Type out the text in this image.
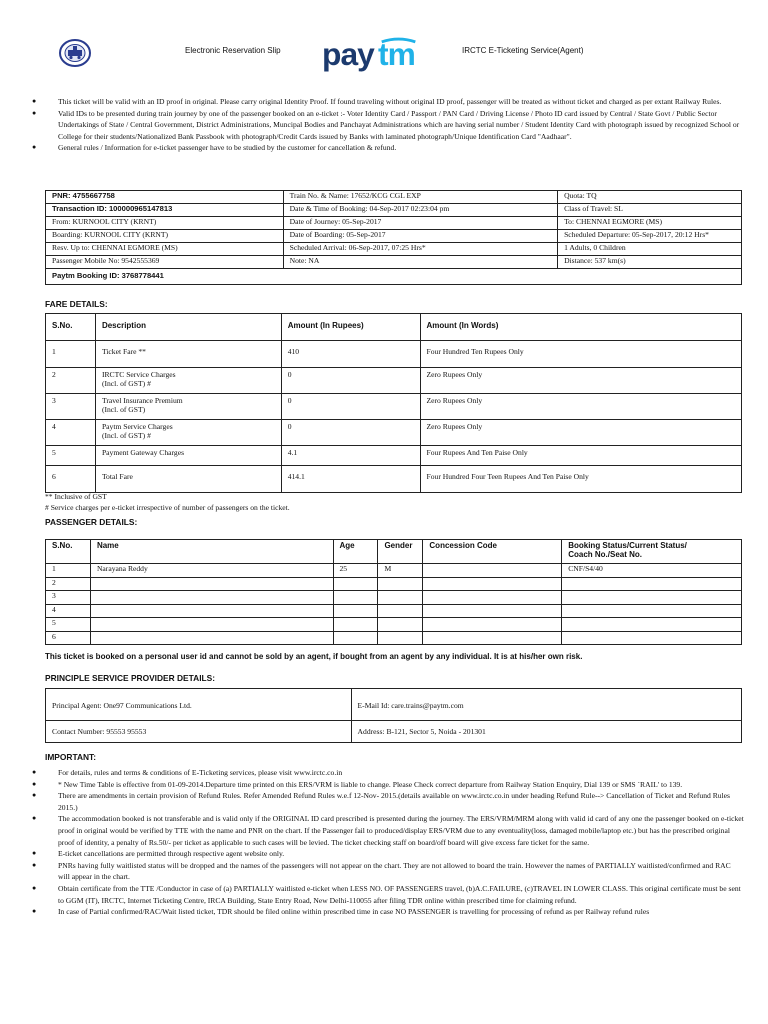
Electronic Reservation Slip pay tm	IRCTC E-Ticketing Service(Agent)
● This ticket will be valid with an ID proof in original. Please carry original Identity Proof. If found traveling without original ID proof, passenger will be treated as without ticket and charged as per extant Railway Rules.
● Valid IDs to be presented during train journey by one of the passenger booked on an e-ticket :- Voter Identity Card / Passport / PAN Card / Driving License / Photo ID card issued by Central / State Govt / Public Sector Undertakings of State / Central Government, District Administrations, Muncipal Bodies and Panchayat Administrations which are having serial number / Student Identity Card with photograph issued by recognized School or College for their students/Nationalized Bank Passbook with photograph/Credit Cards issued by Banks with laminated photograph/Unique Identification Card "Aadhaar".
● General rules / Information for e-ticket passenger have to be studied by the customer for cancellation & refund.
PNR: 4755667758	Train No. & Name: 17652/KCG CGL EXP	Quota: TQ
Transaction ID: 100000965147813	Date & Time of Booking: 04-Sep-2017 02:23:04 pm	Class of Travel: SL
From: KURNOOL CITY (KRNT)	Date of Journey: 05-Sep-2017	To: CHENNAI EGMORE (MS)
Boarding: KURNOOL CITY (KRNT)	Date of Boarding: 05-Sep-2017	Scheduled Departure: 05-Sep-2017, 20:12 Hrs*
Resv. Up to: CHENNAI EGMORE (MS)	Scheduled Arrival: 06-Sep-2017, 07:25 Hrs*	1 Adults, 0 Children
Passenger Mobile No: 9542555369	Note: NA	Distance: 537 km(s)
Paytm Booking ID: 3768778441		
FARE DETAILS:
S.No.	Description	Amount (In Rupees)	Amount (In Words)
1	Ticket Fare **	410	Four Hundred Ten Rupees Only
2	IRCTC Service Charges
(Incl. of GST) #	0	Zero Rupees Only
3	Travel Insurance Premium
(Incl. of GST)	0	Zero Rupees Only
4	Paytm Service Charges
(Incl. of GST) #	0	Zero Rupees Only
5	Payment Gateway Charges	4.1	Four Rupees And Ten Paise Only
6	Total Fare	414.1	Four Hundred Four Teen Rupees And Ten Paise Only
** Inclusive of GST
# Service charges per e-ticket irrespective of number of passengers on the ticket.
PASSENGER DETAILS:
S.No.	Name	Age	Gender	Concession Code	Booking Status/Current Status/
Coach No./Seat No.
1	Narayana Reddy	25	M		CNF/S4/40
2					
3					
4					
5					
6					
This ticket is booked on a personal user id and cannot be sold by an agent, if bought from an agent by any individual. It is at his/her own risk.
PRINCIPLE SERVICE PROVIDER DETAILS:
Principal Agent: One97 Communications Ltd.	E-Mail Id: care.trains@paytm.com
Contact Number: 95553 95553	Address: B-121, Sector 5, Noida - 201301
IMPORTANT:
● For details, rules and terms & conditions of E-Ticketing services, please visit www.irctc.co.in
● * New Time Table is effective from 01-09-2014.Departure time printed on this ERS/VRM is liable to change. Please Check correct departure from Railway Station Enquiry, Dial 139 or SMS `RAIL' to 139.
● There are amendments in certain provision of Refund Rules. Refer Amended Refund Rules w.e.f 12-Nov- 2015.(details available on www.irctc.co.in under heading Refund Rule--> Cancellation of Ticket and Refund Rules 2015.)
● The accommodation booked is not transferable and is valid only if the ORIGINAL ID card prescribed is presented during the journey. The ERS/VRM/MRM along with valid id card of any one the passenger booked on e-ticket proof in original would be verified by TTE with the name and PNR on the chart. If the Passenger fail to produced/display ERS/VRM due to any eventuality(loss, damaged mobile/laptop etc.) but has the prescribed original proof of identity, a penalty of Rs.50/- per ticket as applicable to such cases will be levied. The ticket checking staff on board/off board will give excess fare ticket for the same.
● E-ticket cancellations are permitted through respective agent website only.
● PNRs having fully waitlisted status will be dropped and the names of the passengers will not appear on the chart. They are not allowed to board the train. However the names of PARTIALLY waitlisted/confirmed and RAC will appear in the chart.
● Obtain certificate from the TTE /Conductor in case of (a) PARTIALLY waitlisted e-ticket when LESS NO. OF PASSENGERS travel, (b)A.C.FAILURE, (c)TRAVEL IN LOWER CLASS. This original certificate must be sent to GGM (IT), IRCTC, Internet Ticketing Centre, IRCA Building, State Entry Road, New Delhi-110055 after filing TDR online within prescribed time for claiming refund.
● In case of Partial confirmed/RAC/Wait listed ticket, TDR should be filed online within prescribed time in case NO PASSENGER is travelling for processing of refund as per Railway refund rules
